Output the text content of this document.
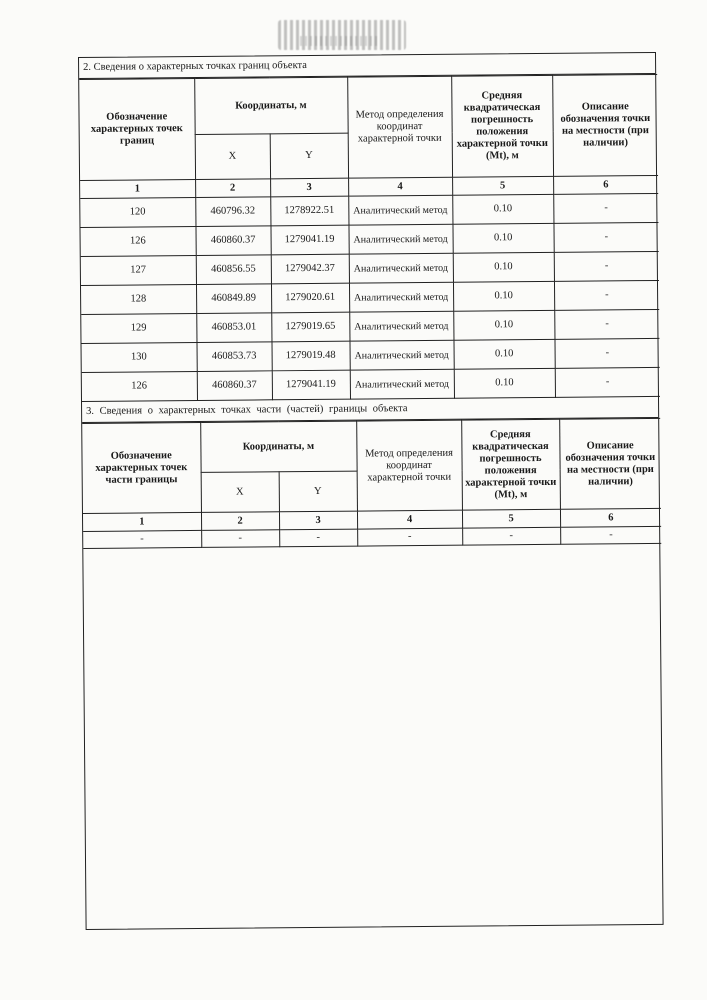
2. Сведения о характерных точках границ объекта
Обозначение характерных точек границ	Координаты, м		Метод определения координат характерной точки	Средняя квадратическая погрешность положения характерной точки (Mt), м	Описание обозначения точки на местности (при наличии)
	X	Y			
1	2	3	4	5	6
120	460796.32	1278922.51	Аналитический метод	0.10	-
126	460860.37	1279041.19	Аналитический метод	0.10	-
127	460856.55	1279042.37	Аналитический метод	0.10	-
128	460849.89	1279020.61	Аналитический метод	0.10	-
129	460853.01	1279019.65	Аналитический метод	0.10	-
130	460853.73	1279019.48	Аналитический метод	0.10	-
126	460860.37	1279041.19	Аналитический метод	0.10	-
3. Сведения о характерных точках части (частей) границы объекта
Обозначение характерных точек части границы	Координаты, м		Метод определения координат характерной точки	Средняя квадратическая погрешность положения характерной точки (Mt), м	Описание обозначения точки на местности (при наличии)
	X	Y			
1	2	3	4	5	6
-	-	-	-	-	-
